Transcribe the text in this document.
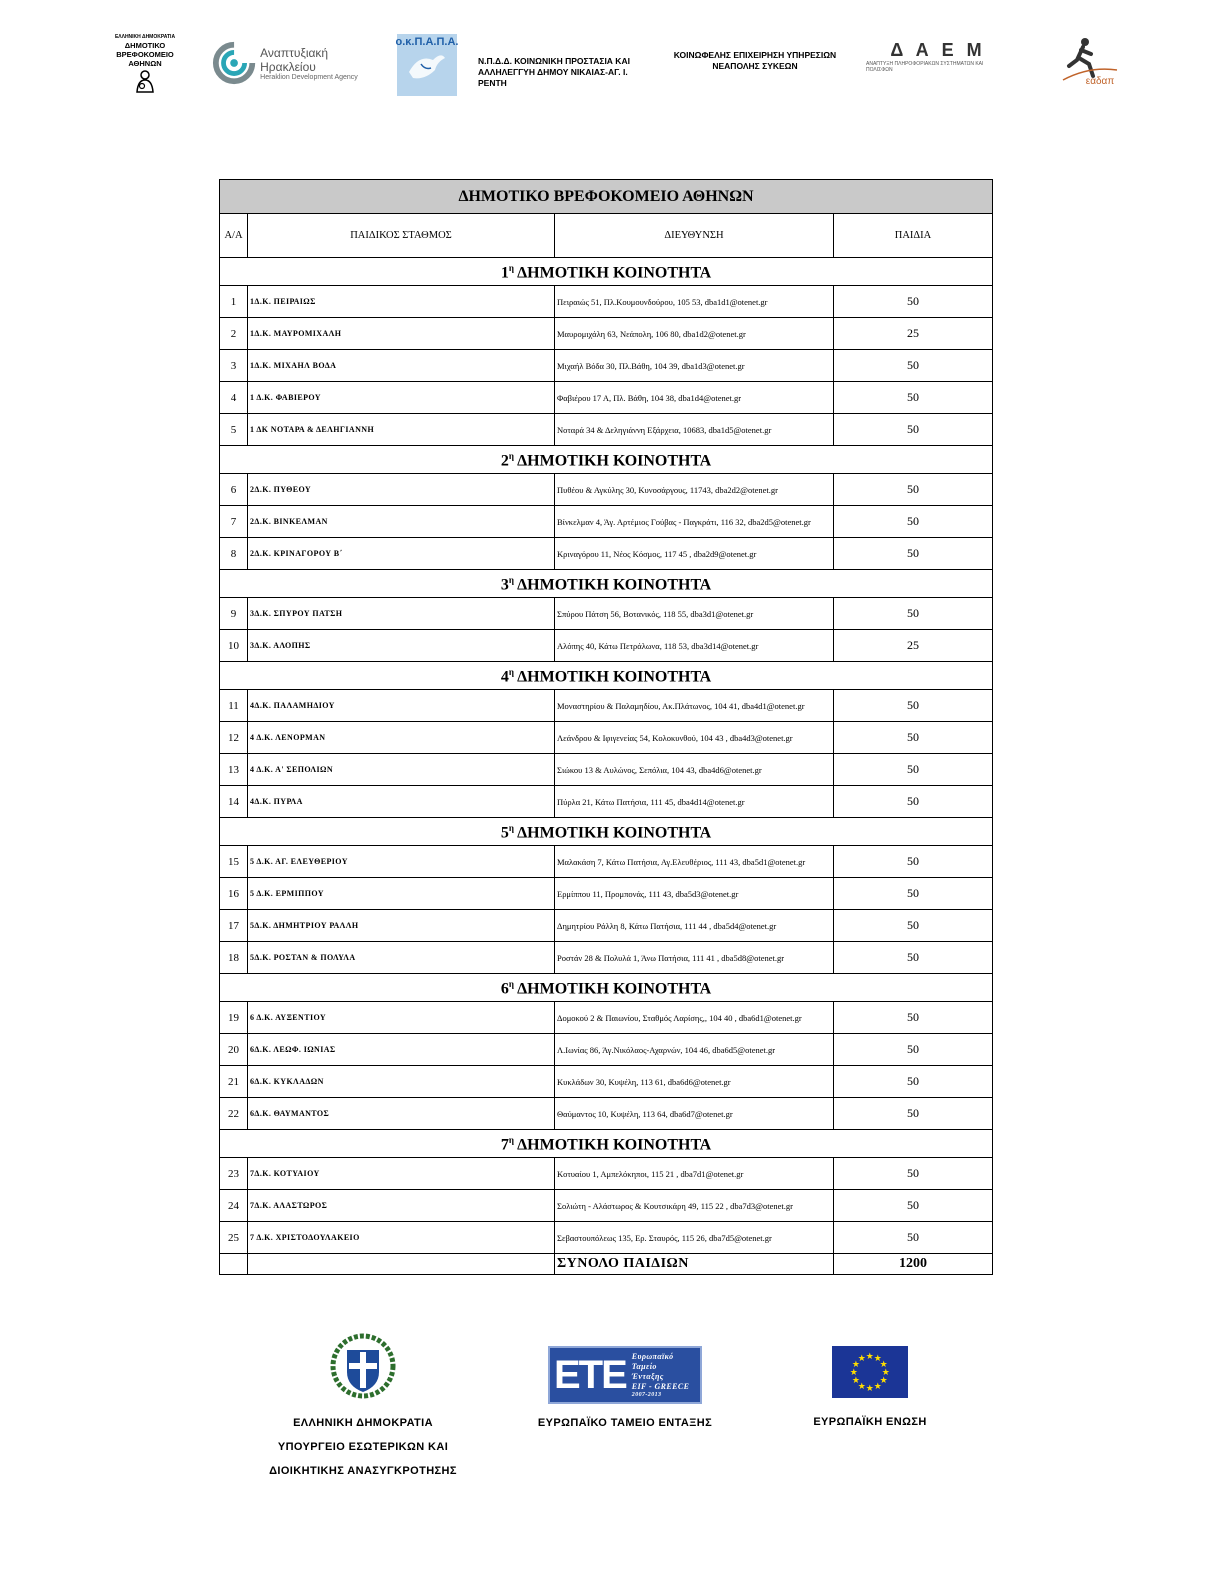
ΕΛΛΗΝΙΚΗ ΔΗΜΟΚΡΑΤΙΑ
ΔΗΜΟΤΙΚΟ ΒΡΕΦΟΚΟΜΕΙΟ
ΑΘΗΝΩΝ
Αναπτυξιακή Ηρακλείου
Heraklion Development Agency
ο.κ.Π.Α.Π.Α.
Ν.Π.Δ.Δ. ΚΟΙΝΩΝΙΚΗ ΠΡΟΣΤΑΣΙΑ ΚΑΙ
ΑΛΛΗΛΕΓΓΥΗ ΔΗΜΟΥ ΝΙΚΑΙΑΣ-ΑΓ. Ι. ΡΕΝΤΗ
ΚΟΙΝΩΦΕΛΗΣ ΕΠΙΧΕΙΡΗΣΗ ΥΠΗΡΕΣΙΩΝ
ΝΕΑΠΟΛΗΣ ΣΥΚΕΩΝ
Δ Α Ε Μ
ΑΝΑΠΤΥΞΗ ΠΛΗΡΟΦΟΡΙΑΚΩΝ ΣΥΣΤΗΜΑΤΩΝ ΚΑΙ ΠΟΛΙΣΦΩΝ
εαδαπ
ΔΗΜΟΤΙΚΟ ΒΡΕΦΟΚΟΜΕΙΟ ΑΘΗΝΩΝ			
Α/Α	ΠΑΙΔΙΚΟΣ ΣΤΑΘΜΟΣ	ΔΙΕΥΘΥΝΣΗ	ΠΑΙΔΙΑ
$1^\eta$ ΔΗΜΟΤΙΚΗ ΚΟΙΝΟΤΗΤΑ			
1	1Δ.Κ. ΠΕΙΡΑΙΩΣ	Πειραιώς 51, Πλ.Κουμουνδούρου, 105 53, dba1d1@otenet.gr	50
2	1Δ.Κ. ΜΑΥΡΟΜΙΧΑΛΗ	Μαυρομιχάλη 63, Νεάπολη, 106 80, dba1d2@otenet.gr	25
3	1Δ.Κ. ΜΙΧΑΗΛ ΒΟΔΑ	Μιχαήλ Βόδα 30, Πλ.Βάθη, 104 39, dba1d3@otenet.gr	50
4	1 Δ.Κ. ΦΑΒΙΕΡΟΥ	Φαβιέρου 17 Α, Πλ. Βάθη, 104 38, dba1d4@otenet.gr	50
5	1 ΔΚ ΝΟΤΑΡΑ & ΔΕΛΗΓΙΑΝΝΗ	Νοταρά 34 & Δεληγιάννη Εξάρχεια, 10683, dba1d5@otenet.gr	50
$2^\eta$ ΔΗΜΟΤΙΚΗ ΚΟΙΝΟΤΗΤΑ			
6	2Δ.Κ. ΠΥΘΕΟΥ	Πυθέου & Αγκύλης 30, Κυνοσάργους, 11743, dba2d2@otenet.gr	50
7	2Δ.Κ. ΒΙΝΚΕΛΜΑΝ	Βίνκελμαν 4, Άγ. Αρτέμιος Γούβας - Παγκράτι, 116 32, dba2d5@otenet.gr	50
8	2Δ.Κ. ΚΡΙΝΑΓΟΡΟΥ Β΄	Κριναγόρου 11, Νέος Κόσμος, 117 45 , dba2d9@otenet.gr	50
$3^\eta$ ΔΗΜΟΤΙΚΗ ΚΟΙΝΟΤΗΤΑ			
9	3Δ.Κ. ΣΠΥΡΟΥ ΠΑΤΣΗ	Σπύρου Πάτση 56, Βοτανικός, 118 55, dba3d1@otenet.gr	50
10	3Δ.Κ. ΑΛΟΠΗΣ	Αλόπης 40, Κάτω Πετράλωνα, 118 53, dba3d14@otenet.gr	25
$4^\eta$ ΔΗΜΟΤΙΚΗ ΚΟΙΝΟΤΗΤΑ			
11	4Δ.Κ. ΠΑΛΑΜΗΔΙΟΥ	Μοναστηρίου & Παλαμηδίου, Ακ.Πλάτωνος, 104 41, dba4d1@otenet.gr	50
12	4 Δ.Κ. ΛΕΝΟΡΜΑΝ	Λεάνδρου & Ιφιγενείας 54, Κολοκυνθού, 104 43 , dba4d3@otenet.gr	50
13	4 Δ.Κ. Α' ΣΕΠΟΛΙΩΝ	Σιώκου 13 & Αυλώνος, Σεπόλια, 104 43, dba4d6@otenet.gr	50
14	4Δ.Κ. ΠΥΡΛΑ	Πύρλα 21, Κάτω Πατήσια, 111 45, dba4d14@otenet.gr	50
$5^\eta$ ΔΗΜΟΤΙΚΗ ΚΟΙΝΟΤΗΤΑ			
15	5 Δ.Κ. ΑΓ. ΕΛΕΥΘΕΡΙΟΥ	Μαλακάση 7, Κάτω Πατήσια, Αγ.Ελευθέριος, 111 43, dba5d1@otenet.gr	50
16	5 Δ.Κ. ΕΡΜΙΠΠΟΥ	Ερμίππου 11, Προμπονάς, 111 43, dba5d3@otenet.gr	50
17	5Δ.Κ. ΔΗΜΗΤΡΙΟΥ ΡΑΛΛΗ	Δημητρίου Ράλλη 8, Κάτω Πατήσια, 111 44 , dba5d4@otenet.gr	50
18	5Δ.Κ. ΡΟΣΤΑΝ & ΠΟΛΥΛΑ	Ροστάν 28 & Πολυλά 1, Άνω Πατήσια, 111 41 , dba5d8@otenet.gr	50
$6^\eta$ ΔΗΜΟΤΙΚΗ ΚΟΙΝΟΤΗΤΑ			
19	6 Δ.Κ. ΑΥΞΕΝΤΙΟΥ	Δομοκού 2 & Παιωνίου, Σταθμός Λαρίσης,, 104 40 , dba6d1@otenet.gr	50
20	6Δ.Κ. ΛΕΩΦ. ΙΩΝΙΑΣ	Λ.Ιωνίας 86, Άγ.Νικόλαος-Αχαρνών, 104 46, dba6d5@otenet.gr	50
21	6Δ.Κ. ΚΥΚΛΑΔΩΝ	Κυκλάδων 30, Κυψέλη, 113 61, dba6d6@otenet.gr	50
22	6Δ.Κ. ΘΑΥΜΑΝΤΟΣ	Θαύμαντος 10, Κυψέλη, 113 64, dba6d7@otenet.gr	50
$7^\eta$ ΔΗΜΟΤΙΚΗ ΚΟΙΝΟΤΗΤΑ			
23	7Δ.Κ. ΚΟΤΥΑΙΟΥ	Κοτυαίου 1, Αμπελόκηποι, 115 21 , dba7d1@otenet.gr	50
24	7Δ.Κ. ΑΛΑΣΤΩΡΟΣ	Σολιώτη - Αλάστωρος & Κουτσικάρη 49, 115 22 , dba7d3@otenet.gr	50
25	7 Δ.Κ. ΧΡΙΣΤΟΔΟΥΛΑΚΕΙΟ	Σεβαστουπόλεως 135, Ερ. Σταυρός, 115 26, dba7d5@otenet.gr	50
		ΣΥΝΟΛΟ ΠΑΙΔΙΩΝ	1200
ΕΛΛΗΝΙΚΗ ΔΗΜΟΚΡΑΤΙΑ
ΥΠΟΥΡΓΕΙΟ ΕΣΩΤΕΡΙΚΩΝ ΚΑΙ
ΔΙΟΙΚΗΤΙΚΗΣ ΑΝΑΣΥΓΚΡΟΤΗΣΗΣ
ETE Ευρωπαϊκό
Ταμείο
Ένταξης
EIF - GREECE
2007-2013
ΕΥΡΩΠΑΪΚΟ ΤΑΜΕΙΟ ΕΝΤΑΞΗΣ
★
★
★
★
★
★
★
★
★ ★ ★
★
ΕΥΡΩΠΑΪΚΗ ΕΝΩΣΗ
